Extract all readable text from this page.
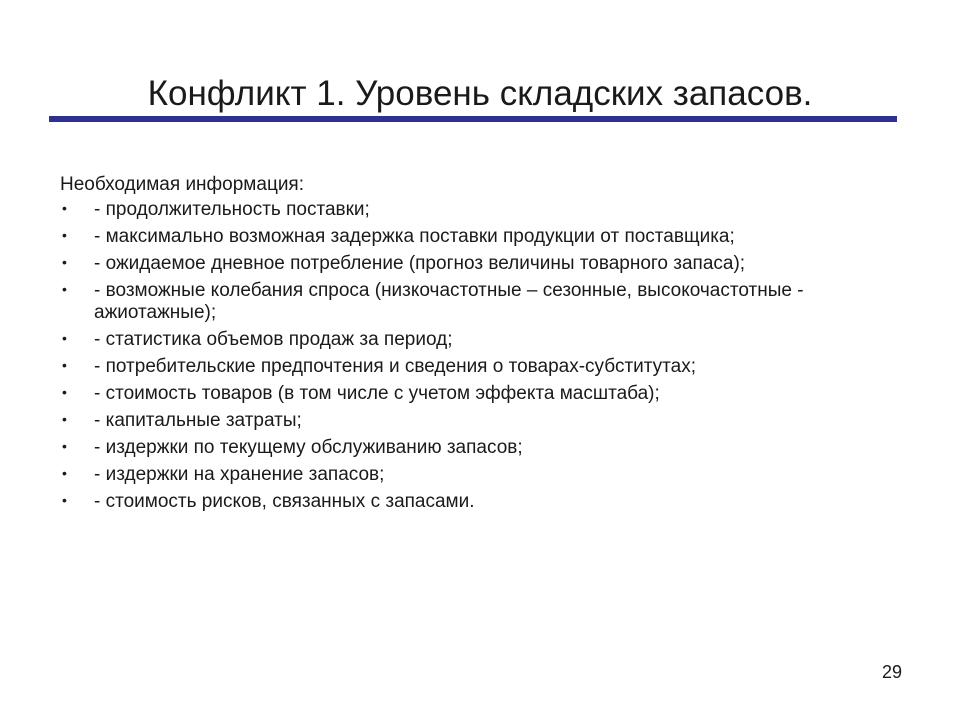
Конфликт 1. Уровень складских запасов.

Необходимая информация:

• - продолжительность поставки;
• - максимально возможная задержка поставки продукции от поставщика;
• - ожидаемое дневное потребление (прогноз величины товарного запаса);
• - возможные колебания спроса (низкочастотные – сезонные, высокочастотные - ажиотажные);
• - статистика объемов продаж за период;
• - потребительские предпочтения и сведения о товарах-субститутах;
• - стоимость товаров (в том числе с учетом эффекта масштаба);
• - капитальные затраты;
• - издержки по текущему обслуживанию запасов;
• - издержки на хранение запасов;
• - стоимость рисков, связанных с запасами.
29
